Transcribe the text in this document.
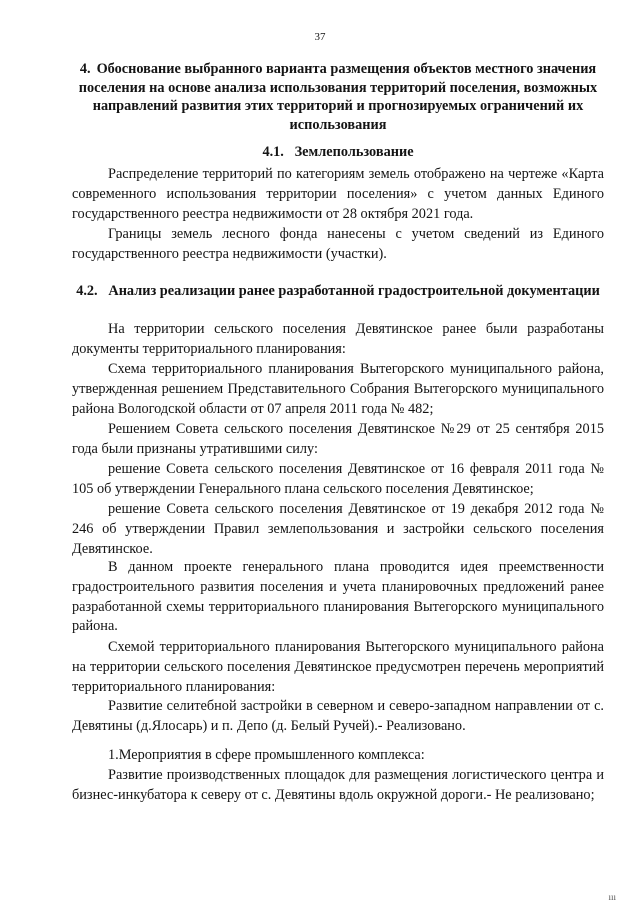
37
4. Обоснование выбранного варианта размещения объектов местного значения поселения на основе анализа использования территорий поселения, возможных направлений развития этих территорий и прогнозируемых ограничений их использования
4.1. Землепользование

Распределение территорий по категориям земель отображено на чертеже «Карта современного использования территории поселения» с учетом данных Единого государственного реестра недвижимости от 28 октября 2021 года.

Границы земель лесного фонда нанесены с учетом сведений из Единого государственного реестра недвижимости (участки).

4.2. Анализ реализации ранее разработанной градостроительной документации

На территории сельского поселения Девятинское ранее были разработаны документы территориального планирования:

Схема территориального планирования Вытегорского муниципального района, утвержденная решением Представительного Собрания Вытегорского муниципального района Вологодской области от 07 апреля 2011 года № 482;

Решением Совета сельского поселения Девятинское №29 от 25 сентября 2015 года были признаны утратившими силу:

решение Совета сельского поселения Девятинское от 16 февраля 2011 года № 105 об утверждении Генерального плана сельского поселения Девятинское;

решение Совета сельского поселения Девятинское от 19 декабря 2012 года № 246 об утверждении Правил землепользования и застройки сельского поселения Девятинское.

В данном проекте генерального плана проводится идея преемственности градостроительного развития поселения и учета планировочных предложений ранее разработанной схемы территориального планирования Вытегорского муниципального района.

Схемой территориального планирования Вытегорского муниципального района на территории сельского поселения Девятинское предусмотрен перечень мероприятий территориального планирования:

Развитие селитебной застройки в северном и северо-западном направлении от с. Девятины (д.Ялосарь) и п. Депо (д. Белый Ручей).- Реализовано.

1.Мероприятия в сфере промышленного комплекса:

Развитие производственных площадок для размещения логистического центра и бизнес-инкубатора к северу от с. Девятины вдоль окружной дороги.- Не реализовано;

ııı
